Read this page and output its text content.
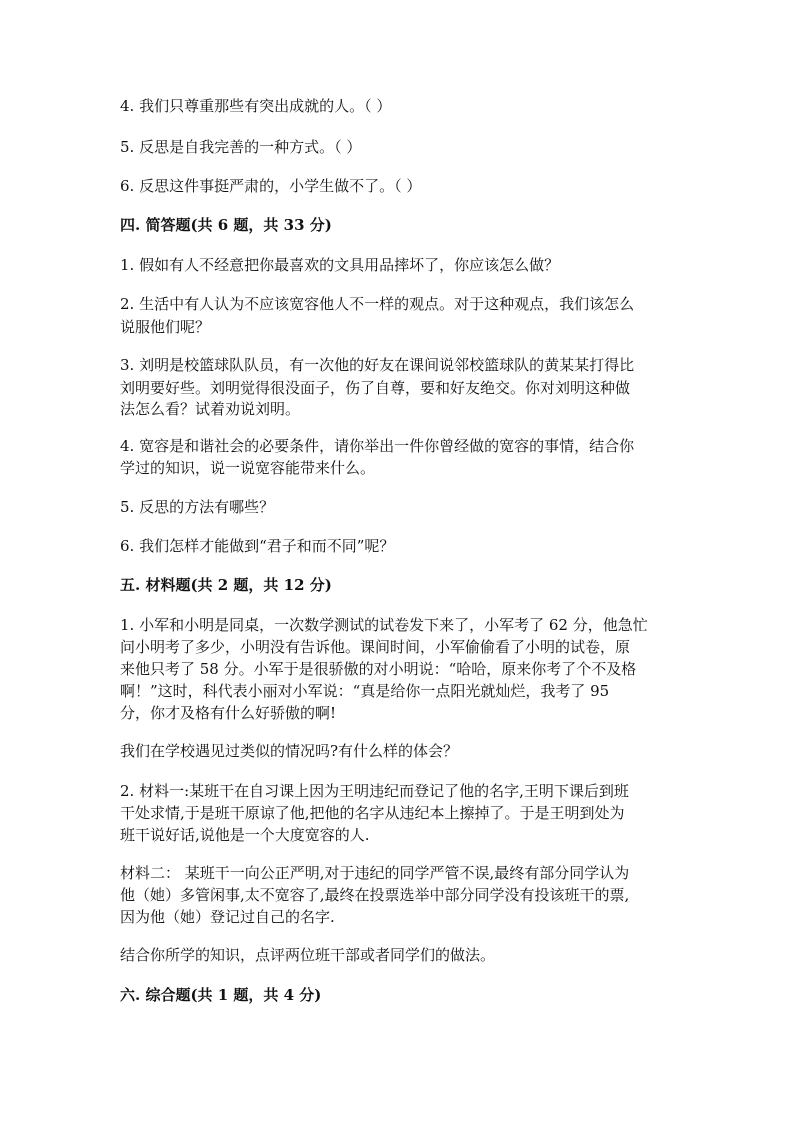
4. 我们只尊重那些有突出成就的人。（ ）

5. 反思是自我完善的一种方式。（ ）

6. 反思这件事挺严肃的，小学生做不了。（ ）

四. 简答题(共 6 题，共 33 分)

1. 假如有人不经意把你最喜欢的文具用品摔坏了，你应该怎么做？

2. 生活中有人认为不应该宽容他人不一样的观点。对于这种观点，我们该怎么

说服他们呢？

3. 刘明是校篮球队队员，有一次他的好友在课间说邻校篮球队的黄某某打得比

刘明要好些。刘明觉得很没面子，伤了自尊，要和好友绝交。你对刘明这种做

法怎么看？试着劝说刘明。

4. 宽容是和谐社会的必要条件，请你举出一件你曾经做的宽容的事情，结合你

学过的知识，说一说宽容能带来什么。

5. 反思的方法有哪些？

6. 我们怎样才能做到“君子和而不同”呢？

五. 材料题(共 2 题，共 12 分)

1. 小军和小明是同桌，一次数学测试的试卷发下来了，小军考了 62 分，他急忙

问小明考了多少，小明没有告诉他。课间时间，小军偷偷看了小明的试卷，原

来他只考了 58 分。小军于是很骄傲的对小明说：“哈哈，原来你考了个不及格

啊！”这时，科代表小丽对小军说：“真是给你一点阳光就灿烂，我考了 95

分，你才及格有什么好骄傲的啊!

我们在学校遇见过类似的情况吗?有什么样的体会？

2. 材料一:某班干在自习课上因为王明违纪而登记了他的名字,王明下课后到班

干处求情,于是班干原谅了他,把他的名字从违纪本上擦掉了。于是王明到处为

班干说好话,说他是一个大度宽容的人.

材料二： 某班干一向公正严明,对于违纪的同学严管不误,最终有部分同学认为

他（她）多管闲事,太不宽容了,最终在投票选举中部分同学没有投该班干的票,

因为他（她）登记过自己的名字.

结合你所学的知识，点评两位班干部或者同学们的做法。

六. 综合题(共 1 题，共 4 分)
